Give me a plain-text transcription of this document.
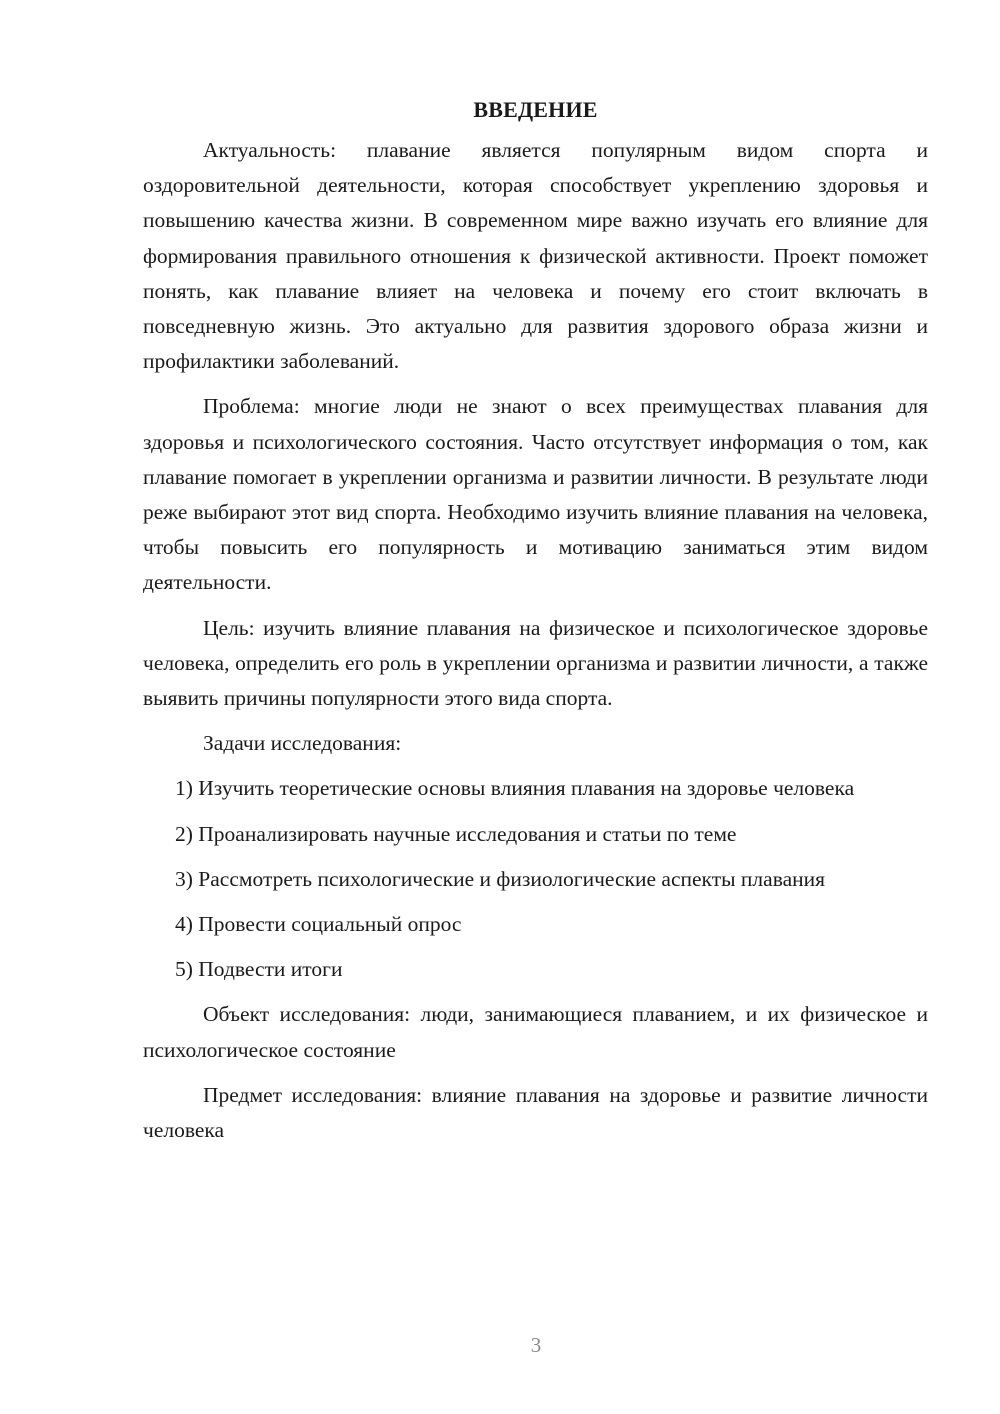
ВВЕДЕНИЕ

Актуальность: плавание является популярным видом спорта и оздоровительной деятельности, которая способствует укреплению здоровья и повышению качества жизни. В современном мире важно изучать его влияние для формирования правильного отношения к физической активности. Проект поможет понять, как плавание влияет на человека и почему его стоит включать в повседневную жизнь. Это актуально для развития здорового образа жизни и профилактики заболеваний.

Проблема: многие люди не знают о всех преимуществах плавания для здоровья и психологического состояния. Часто отсутствует информация о том, как плавание помогает в укреплении организма и развитии личности. В результате люди реже выбирают этот вид спорта. Необходимо изучить влияние плавания на человека, чтобы повысить его популярность и мотивацию заниматься этим видом деятельности.

Цель: изучить влияние плавания на физическое и психологическое здоровье человека, определить его роль в укреплении организма и развитии личности, а также выявить причины популярности этого вида спорта.

Задачи исследования:

1) Изучить теоретические основы влияния плавания на здоровье человека

2) Проанализировать научные исследования и статьи по теме

3) Рассмотреть психологические и физиологические аспекты плавания

4) Провести социальный опрос

5) Подвести итоги

Объект исследования: люди, занимающиеся плаванием, и их физическое и психологическое состояние

Предмет исследования: влияние плавания на здоровье и развитие личности человека

3
